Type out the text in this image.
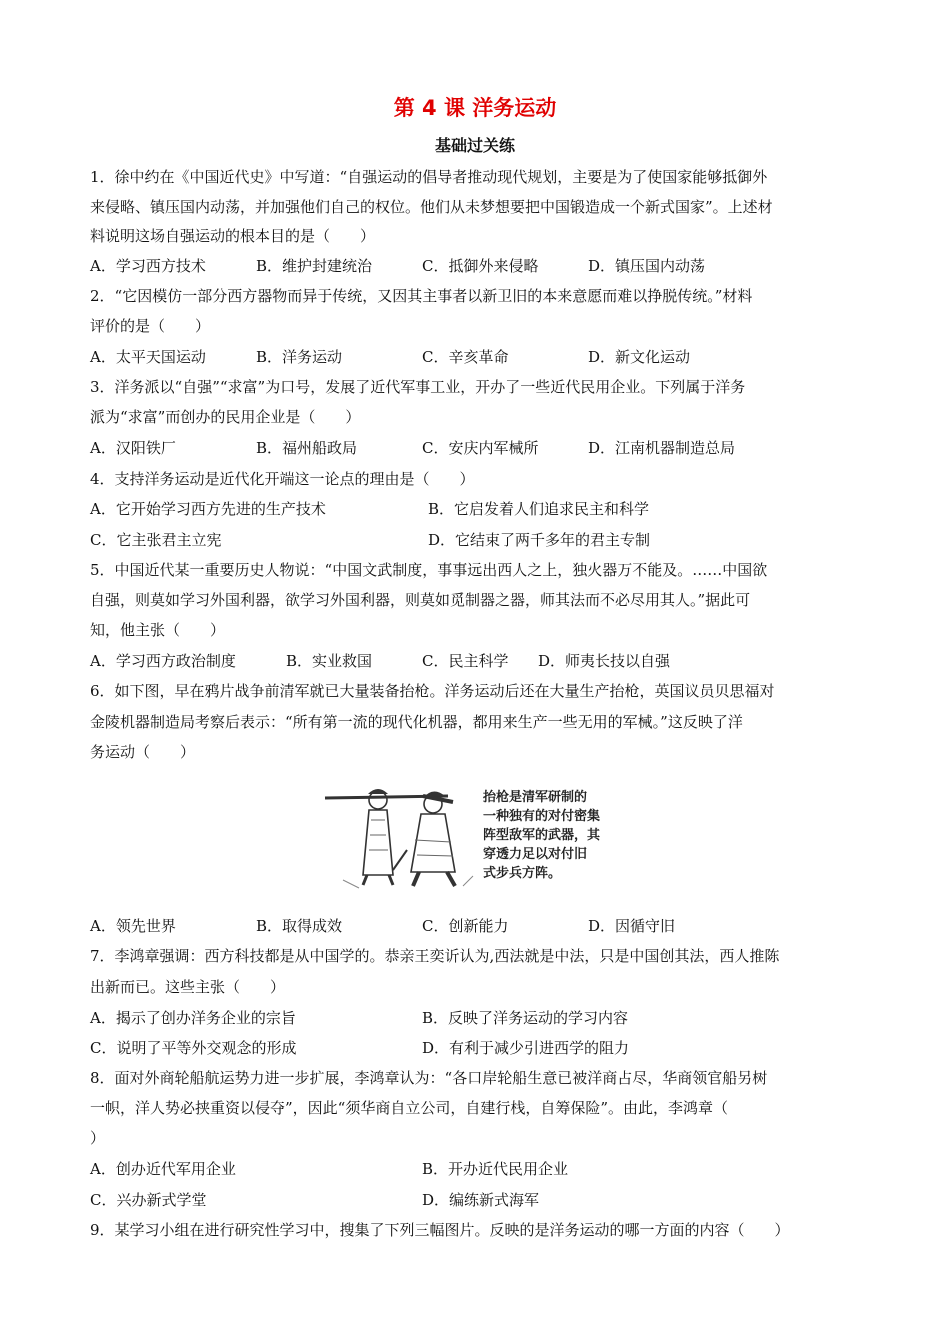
第 4 课 洋务运动
基础过关练
1．徐中约在《中国近代史》中写道：“自强运动的倡导者推动现代规划，主要是为了使国家能够抵御外
来侵略、镇压国内动荡，并加强他们自己的权位。他们从未梦想要把中国锻造成一个新式国家”。上述材
料说明这场自强运动的根本目的是（　　）
A．学习西方技术	B．维护封建统治	C．抵御外来侵略	D．镇压国内动荡
2．“它因模仿一部分西方器物而异于传统，又因其主事者以新卫旧的本来意愿而难以挣脱传统。”材料
评价的是（　　）
A．太平天国运动	B．洋务运动	C．辛亥革命	D．新文化运动
3．洋务派以“自强”“求富”为口号，发展了近代军事工业，开办了一些近代民用企业。下列属于洋务
派为“求富”而创办的民用企业是（　　）
A．汉阳铁厂	B．福州船政局	C．安庆内军械所	D．江南机器制造总局
4．支持洋务运动是近代化开端这一论点的理由是（　　）
A．它开始学习西方先进的生产技术	B．它启发着人们追求民主和科学
C．它主张君主立宪	D．它结束了两千多年的君主专制
5．中国近代某一重要历史人物说：“中国文武制度，事事远出西人之上，独火器万不能及。……中国欲
自强，则莫如学习外国利器，欲学习外国利器，则莫如觅制器之器，师其法而不必尽用其人。”据此可
知，他主张（　　）
A．学习西方政治制度	B．实业救国	C．民主科学 D．师夷长技以自强
6．如下图，早在鸦片战争前清军就已大量装备抬枪。洋务运动后还在大量生产抬枪，英国议员贝思福对
金陵机器制造局考察后表示：“所有第一流的现代化机器，都用来生产一些无用的军械。”这反映了洋
务运动（　　）
抬枪是清军研制的
一种独有的对付密集
阵型敌军的武器，其
穿透力足以对付旧
式步兵方阵。
A．领先世界	B．取得成效	C．创新能力	D．因循守旧
7．李鸿章强调：西方科技都是从中国学的。恭亲王奕䜣认为,西法就是中法，只是中国创其法，西人推陈
出新而已。这些主张（　　）
A．揭示了创办洋务企业的宗旨	B．反映了洋务运动的学习内容
C．说明了平等外交观念的形成	D．有利于减少引进西学的阻力
8．面对外商轮船航运势力进一步扩展，李鸿章认为：“各口岸轮船生意已被洋商占尽，华商领官船另树
一帜，洋人势必挟重资以侵夺”，因此“须华商自立公司，自建行栈，自筹保险”。由此，李鸿章（
）
A．创办近代军用企业	B．开办近代民用企业
C．兴办新式学堂	D．编练新式海军
9．某学习小组在进行研究性学习中，搜集了下列三幅图片。反映的是洋务运动的哪一方面的内容（　　）
